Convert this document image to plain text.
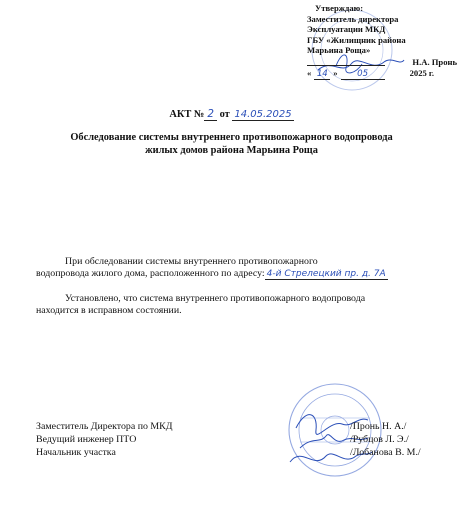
Утверждаю:
Заместитель директора
Эксплуатации МКД
ГБУ «Жилищник района
Марьина Роща»
Н.А. Пронь
« 14 »	05	2025 г.
АКТ № 2 от 14.05.2025
Обследование системы внутреннего противопожарного водопровода
жилых домов района Марьина Роща
При обследовании системы внутреннего противопожарного
водопровода жилого дома, расположенного по адресу: 4-й Стрелецкий пр. д. 7А
Установлено, что система внутреннего противопожарного водопровода
находится в исправном состоянии.
Заместитель Директора по МКД
Ведущий инженер ПТО
Начальник участка
/Пронь Н. А./
/Рубцов Л. Э./
/Лобанова В. М./
